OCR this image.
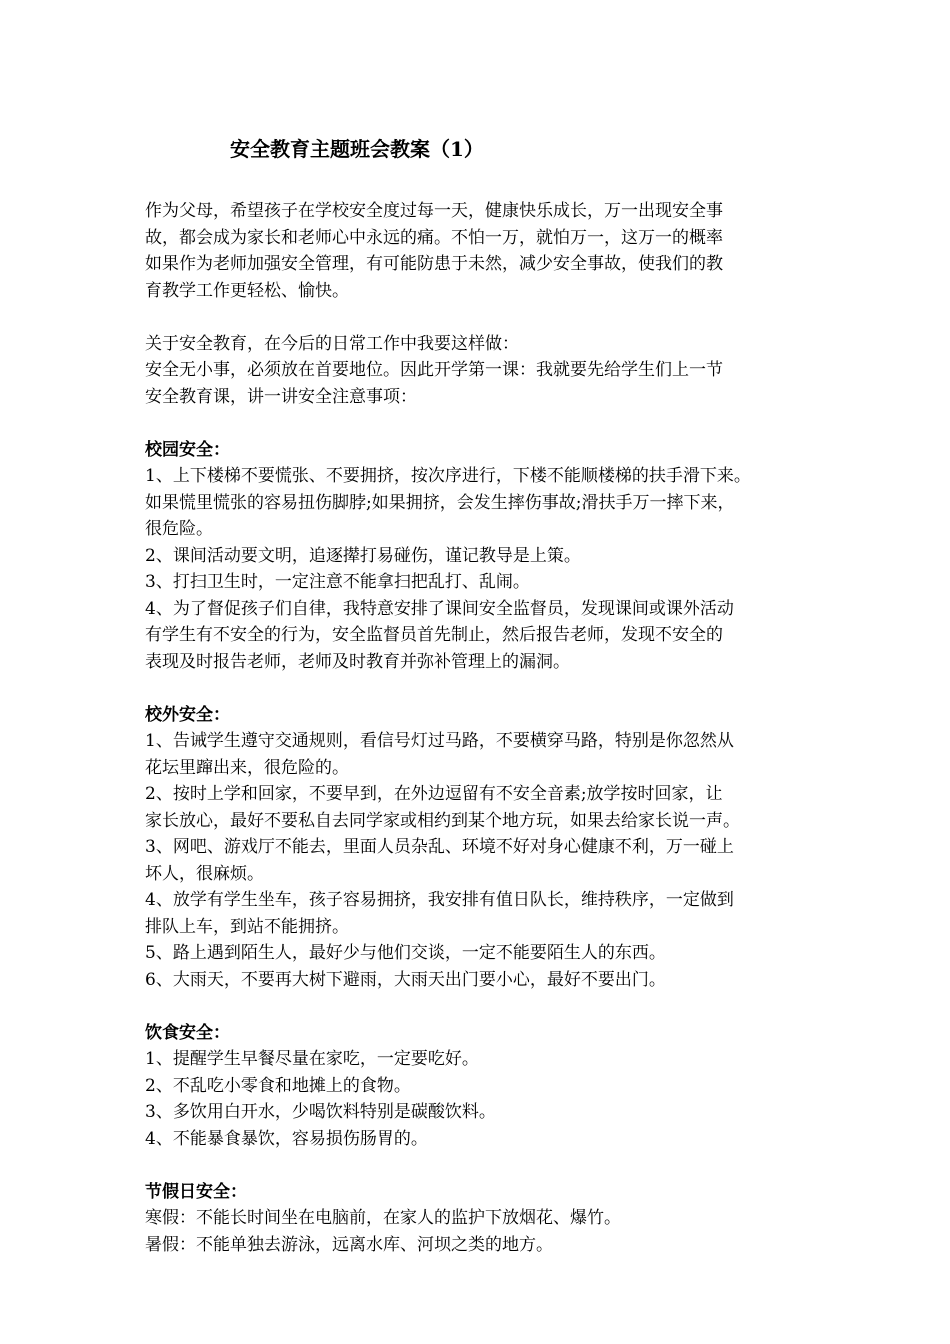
安全教育主题班会教案（1）

作为父母，希望孩子在学校安全度过每一天，健康快乐成长，万一出现安全事

故，都会成为家长和老师心中永远的痛。不怕一万，就怕万一，这万一的概率

如果作为老师加强安全管理，有可能防患于未然，减少安全事故，使我们的教

育教学工作更轻松、愉快。

关于安全教育，在今后的日常工作中我要这样做：

安全无小事，必须放在首要地位。因此开学第一课：我就要先给学生们上一节

安全教育课，讲一讲安全注意事项：

校园安全：

1、上下楼梯不要慌张、不要拥挤，按次序进行，下楼不能顺楼梯的扶手滑下来。

如果慌里慌张的容易扭伤脚脖;如果拥挤，会发生摔伤事故;滑扶手万一摔下来，

很危险。

2、课间活动要文明，追逐撵打易碰伤，谨记教导是上策。

3、打扫卫生时，一定注意不能拿扫把乱打、乱闹。

4、为了督促孩子们自律，我特意安排了课间安全监督员，发现课间或课外活动

有学生有不安全的行为，安全监督员首先制止，然后报告老师，发现不安全的

表现及时报告老师，老师及时教育并弥补管理上的漏洞。

校外安全：

1、告诫学生遵守交通规则，看信号灯过马路，不要横穿马路，特别是你忽然从

花坛里蹿出来，很危险的。

2、按时上学和回家，不要早到，在外边逗留有不安全音素;放学按时回家，让

家长放心，最好不要私自去同学家或相约到某个地方玩，如果去给家长说一声。

3、网吧、游戏厅不能去，里面人员杂乱、环境不好对身心健康不利，万一碰上

坏人，很麻烦。

4、放学有学生坐车，孩子容易拥挤，我安排有值日队长，维持秩序，一定做到

排队上车，到站不能拥挤。

5、路上遇到陌生人，最好少与他们交谈，一定不能要陌生人的东西。

6、大雨天，不要再大树下避雨，大雨天出门要小心，最好不要出门。

饮食安全：

1、提醒学生早餐尽量在家吃，一定要吃好。

2、不乱吃小零食和地摊上的食物。

3、多饮用白开水，少喝饮料特别是碳酸饮料。

4、不能暴食暴饮，容易损伤肠胃的。

节假日安全：

寒假：不能长时间坐在电脑前，在家人的监护下放烟花、爆竹。

暑假：不能单独去游泳，远离水库、河坝之类的地方。
